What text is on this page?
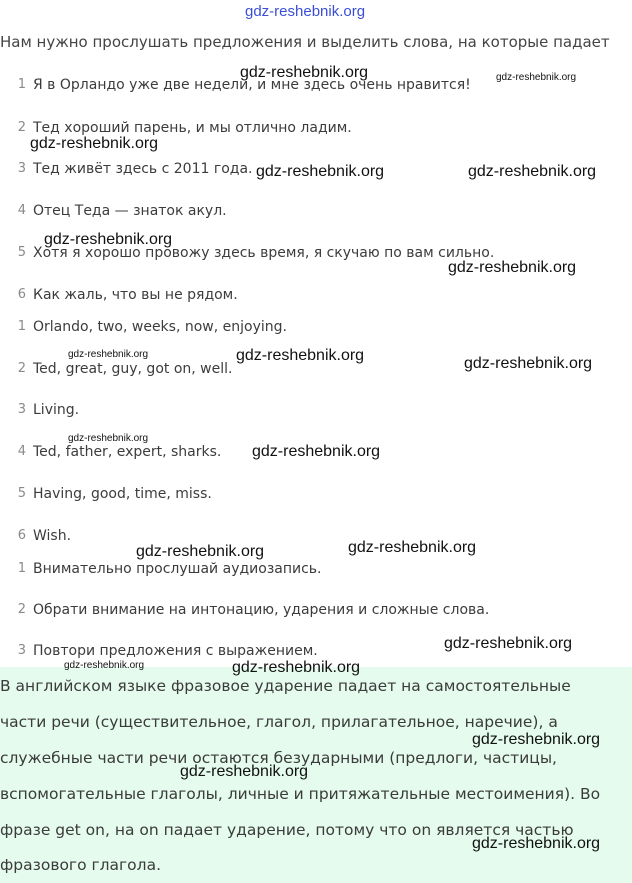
gdz-reshebnik.org
Нам нужно прослушать предложения и выделить слова, на которые падает
1 Я в Орландо уже две недели, и мне здесь очень нравится!
2 Тед хороший парень, и мы отлично ладим.
3 Тед живёт здесь с 2011 года.
4 Отец Теда — знаток акул.
5 Хотя я хорошо провожу здесь время, я скучаю по вам сильно.
6 Как жаль, что вы не рядом.
1 Orlando, two, weeks, now, enjoying.
2 Ted, great, guy, got on, well.
3 Living.
4 Ted, father, expert, sharks.
5 Having, good, time, miss.
6 Wish.
1 Внимательно прослушай аудиозапись.
2 Обрати внимание на интонацию, ударения и сложные слова.
3 Повтори предложения с выражением.
В английском языке фразовое ударение падает на самостоятельные
части речи (существительное, глагол, прилагательное, наречие), а
служебные части речи остаются безударными (предлоги, частицы,
вспомогательные глаголы, личные и притяжательные местоимения). Во
фразе get on, на on падает ударение, потому что on является частью
фразового глагола.
gdz-reshebnik.org	gdz-reshebnik.org
gdz-reshebnik.org
gdz-reshebnik.org	gdz-reshebnik.org
gdz-reshebnik.org
gdz-reshebnik.org
gdz-reshebnik.org	gdz-reshebnik.org	gdz-reshebnik.org
gdz-reshebnik.org
gdz-reshebnik.org
gdz-reshebnik.org	gdz-reshebnik.org
gdz-reshebnik.org
gdz-reshebnik.org	gdz-reshebnik.org
gdz-reshebnik.org
gdz-reshebnik.org
gdz-reshebnik.org
